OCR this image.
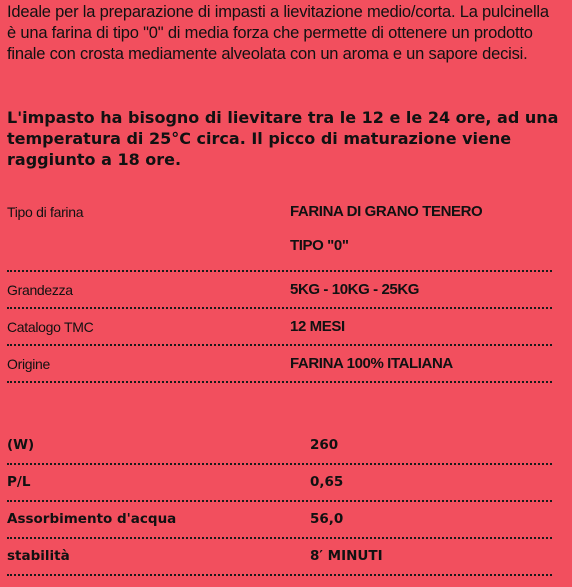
Ideale per la preparazione di impasti a lievitazione medio/corta. La pulcinella è una farina di tipo "0" di media forza che permette di ottenere un prodotto finale con crosta mediamente alveolata con un aroma e un sapore decisi.

L'impasto ha bisogno di lievitare tra le 12 e le 24 ore, ad una temperatura di 25°C circa. Il picco di maturazione viene raggiunto a 18 ore.

Tipo di farina	FARINA DI GRANO TENERO
TIPO "0"
Grandezza	5KG - 10KG - 25KG
Catalogo TMC	12 MESI
Origine	FARINA 100% ITALIANA
(W)	260
P/L	0,65
Assorbimento d'acqua	56,0
stabilità	8′ MINUTI
